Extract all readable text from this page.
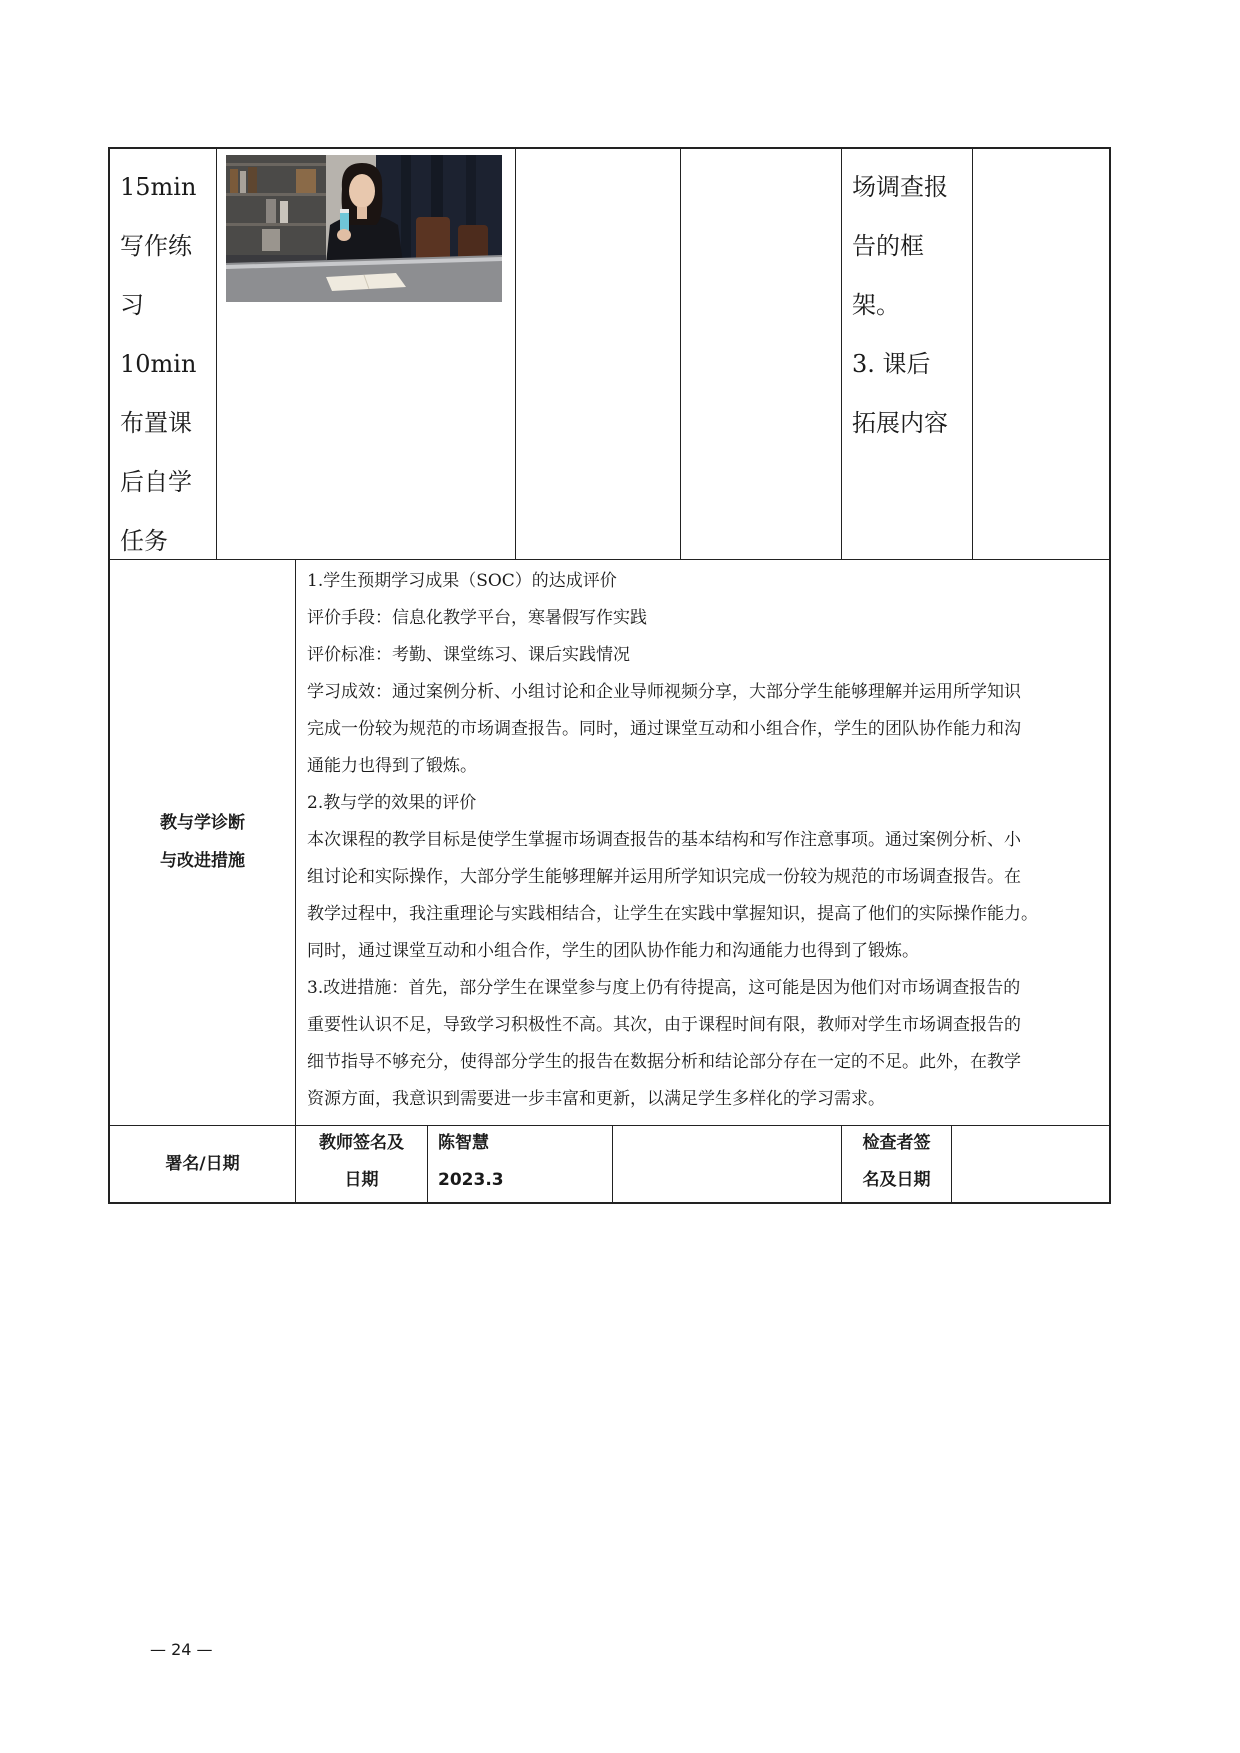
15min
写作练
习
10min
布置课
后自学
任务
场调查报
告的框
架。
3. 课后
拓展内容
教与学诊断
与改进措施
1.学生预期学习成果（SOC）的达成评价
评价手段：信息化教学平台，寒暑假写作实践
评价标准：考勤、课堂练习、课后实践情况
学习成效：通过案例分析、小组讨论和企业导师视频分享，大部分学生能够理解并运用所学知识
完成一份较为规范的市场调查报告。同时，通过课堂互动和小组合作，学生的团队协作能力和沟
通能力也得到了锻炼。
2.教与学的效果的评价
本次课程的教学目标是使学生掌握市场调查报告的基本结构和写作注意事项。通过案例分析、小
组讨论和实际操作，大部分学生能够理解并运用所学知识完成一份较为规范的市场调查报告。在
教学过程中，我注重理论与实践相结合，让学生在实践中掌握知识，提高了他们的实际操作能力。
同时，通过课堂互动和小组合作，学生的团队协作能力和沟通能力也得到了锻炼。
3.改进措施：首先，部分学生在课堂参与度上仍有待提高，这可能是因为他们对市场调查报告的
重要性认识不足，导致学习积极性不高。其次，由于课程时间有限，教师对学生市场调查报告的
细节指导不够充分，使得部分学生的报告在数据分析和结论部分存在一定的不足。此外，在教学
资源方面，我意识到需要进一步丰富和更新，以满足学生多样化的学习需求。
署名/日期
教师签名及
日期
陈智慧
2023.3
检查者签
名及日期
— 24 —
